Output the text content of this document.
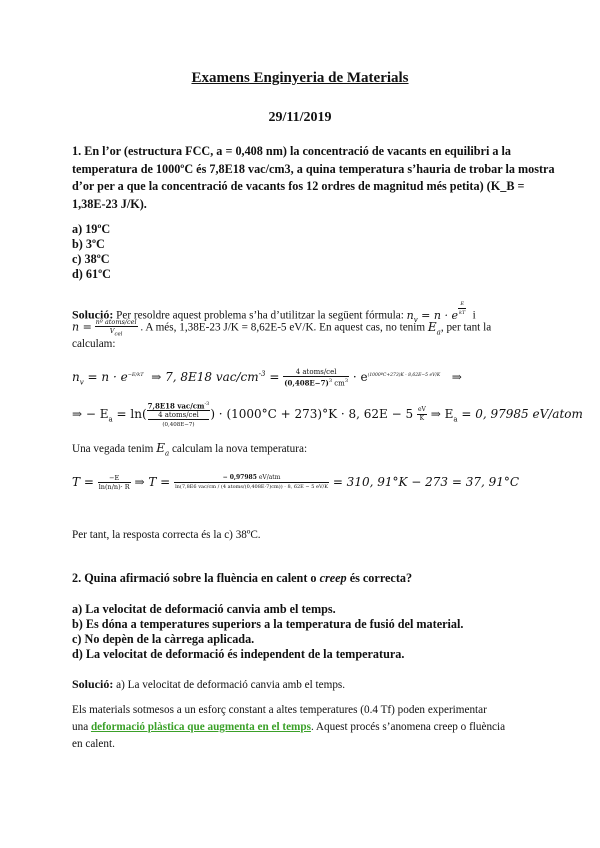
Examens Enginyeria de Materials
29/11/2019
1. En l’or (estructura FCC, a = 0,408 nm) la concentració de vacants en equilibri a la
temperatura de 1000ºC és 7,8E18 vac/cm3, a quina temperatura s’hauria de trobar la mostra
d’or per a que la concentració de vacants fos 12 ordres de magnitud més petita) (K_B =
1,38E-23 J/K).
a) 19ºC
b) 3ºC
c) 38ºC
d) 61ºC
Solució: Per resoldre aquest problema s’ha d’utilitzar la següent fórmula: $n_v = n \cdot e \frac{E}{kT}$ i
$n = \frac{\text{nº atoms/cel}}{V_{cel}}$ . A més, 1,38E-23 J/K = 8,62E-5 eV/K. En aquest cas, no tenim $E_a$, per tant la
calculam:
$n_v = n \cdot e^{-E/kT}$ ⇒ 7, 8E18 vac/$cm^{-3} = \frac{\text{4 atoms/cel}}{(0,408E-7)^3 cm^3} \cdot e^{(1000ºC+273)K \cdot 8,62E-5 eV/K}$ ⇒
⇒ − $E_a = \ln$( 7,8E18 vac/$cm^{-3}$
4 atoms/cel
(0,408E−7) ) · (1000°C + 273)°K · 8, $62E - 5 \frac{eV}{K}$ ⇒ $E_a = 0$, 97985 eV/atom
Una vegada tenim $E_a$ calculam la nova temperatura:
$T = \frac{-E}{\ln(n/n)\cdot R}$ ⇒ $T = \frac{\text{− 0,97985 eV/atm}}{\text{ln(7,8E6 vac/cm / (4 atoms/(0,408E·7)cm)) · 8, 62E − 5 eV/K}} = 310$, 91°K − 273 = 37, 91°C
Per tant, la resposta correcta és la c) 38ºC.
2. Quina afirmació sobre la fluència en calent o creep és correcta?
a) La velocitat de deformació canvia amb el temps.
b) Es dóna a temperatures superiors a la temperatura de fusió del material.
c) No depèn de la càrrega aplicada.
d) La velocitat de deformació és independent de la temperatura.
Solució: a) La velocitat de deformació canvia amb el temps.
Els materials sotmesos a un esforç constant a altes temperatures (0.4 Tf) poden experimentar
una deformació plàstica que augmenta en el temps. Aquest procés s’anomena creep o fluència
en calent.
